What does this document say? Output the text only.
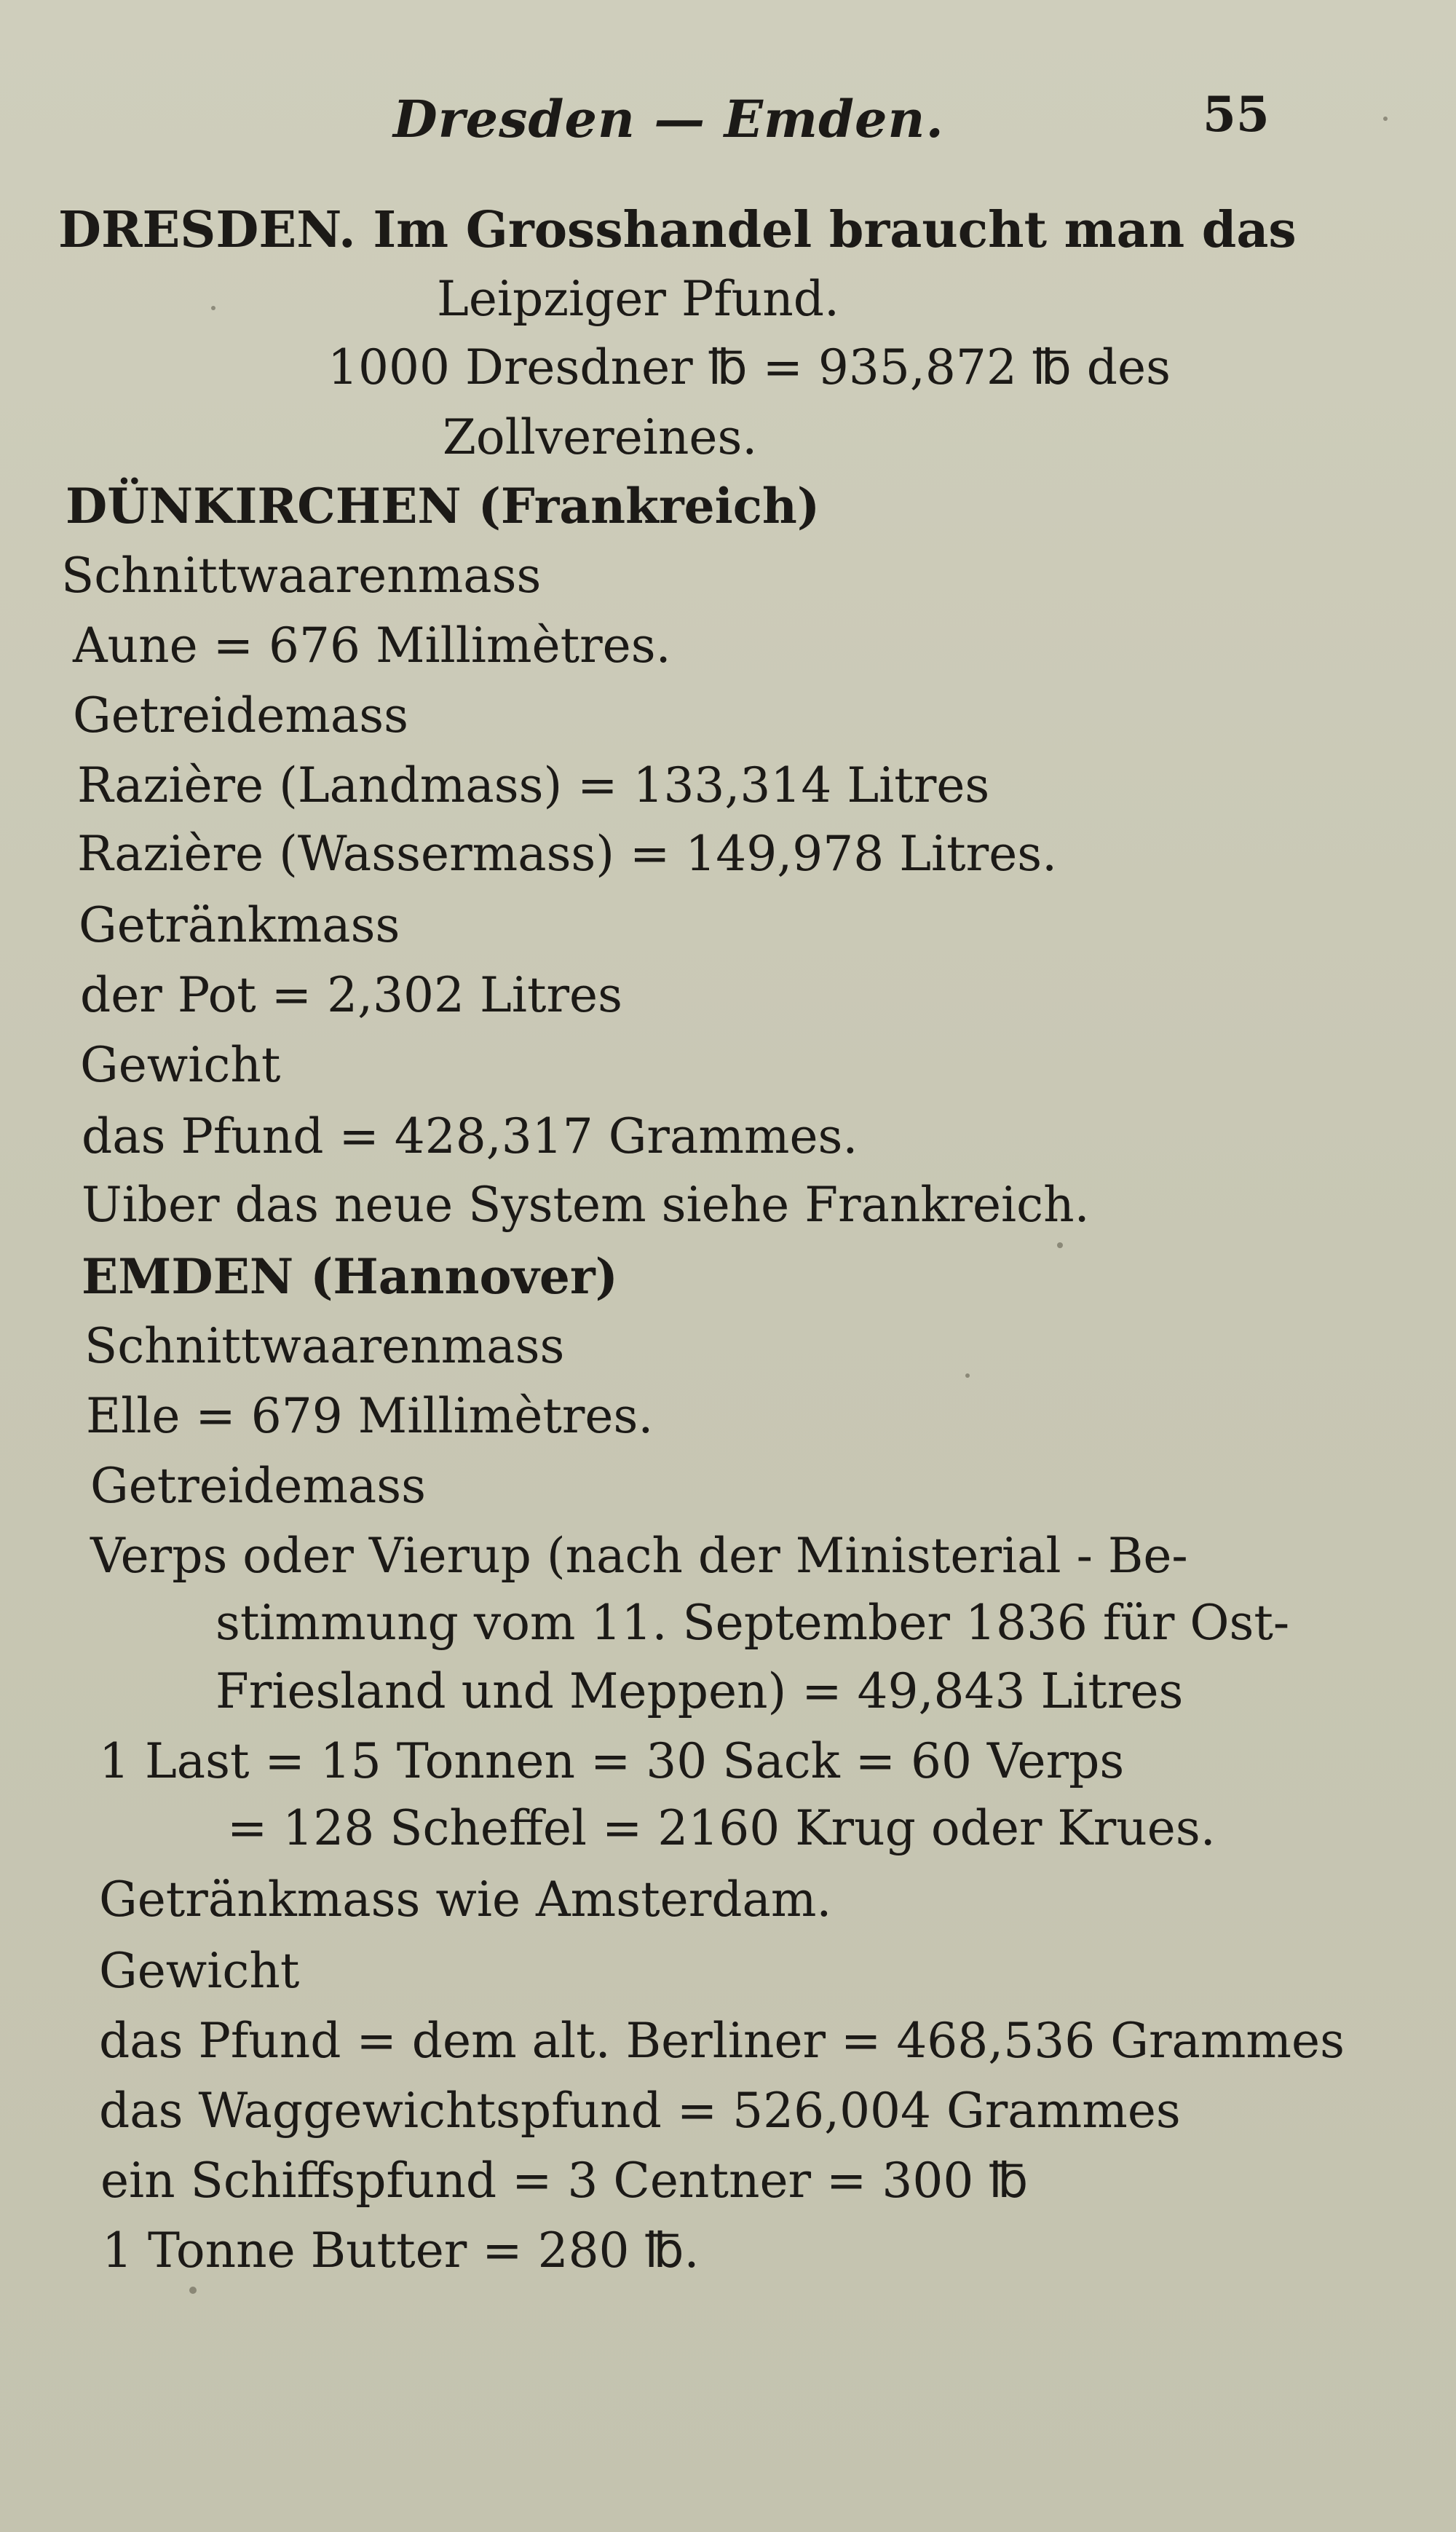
Dresden — Emden.	55
DRESDEN. Im Grosshandel braucht man das
Leipziger Pfund.
1000 Dresdner ℔ = 935,872 ℔ des
Zollvereines.
DÜNKIRCHEN (Frankreich)
Schnittwaarenmass
Aune = 676 Millimètres.
Getreidemass
Razière (Landmass) = 133,314 Litres
Razière (Wassermass) = 149,978 Litres.
Getränkmass
der Pot = 2,302 Litres
Gewicht
das Pfund = 428,317 Grammes.
Uiber das neue System siehe Frankreich.
EMDEN (Hannover)
Schnittwaarenmass
Elle = 679 Millimètres.
Getreidemass
Verps oder Vierup (nach der Ministerial - Be-
stimmung vom 11. September 1836 für Ost-
Friesland und Meppen) = 49,843 Litres
1 Last = 15 Tonnen = 30 Sack = 60 Verps
= 128 Scheffel = 2160 Krug oder Krues.
Getränkmass wie Amsterdam.
Gewicht
das Pfund = dem alt. Berliner = 468,536 Grammes
das Waggewichtspfund = 526,004 Grammes
ein Schiffspfund = 3 Centner = 300 ℔
1 Tonne Butter = 280 ℔.
